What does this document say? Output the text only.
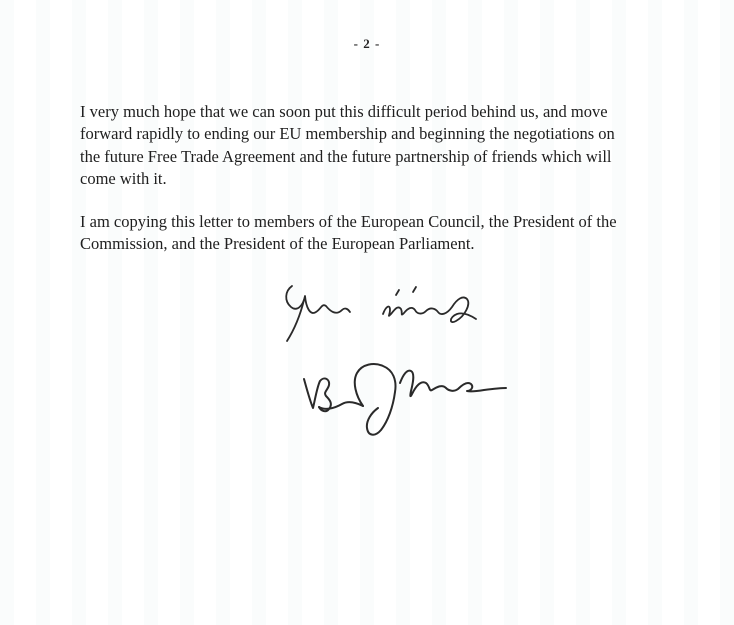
- 2 -
I very much hope that we can soon put this difficult period behind us, and move
forward rapidly to ending our EU membership and beginning the negotiations on
the future Free Trade Agreement and the future partnership of friends which will
come with it.
I am copying this letter to members of the European Council, the President of the
Commission, and the President of the European Parliament.
